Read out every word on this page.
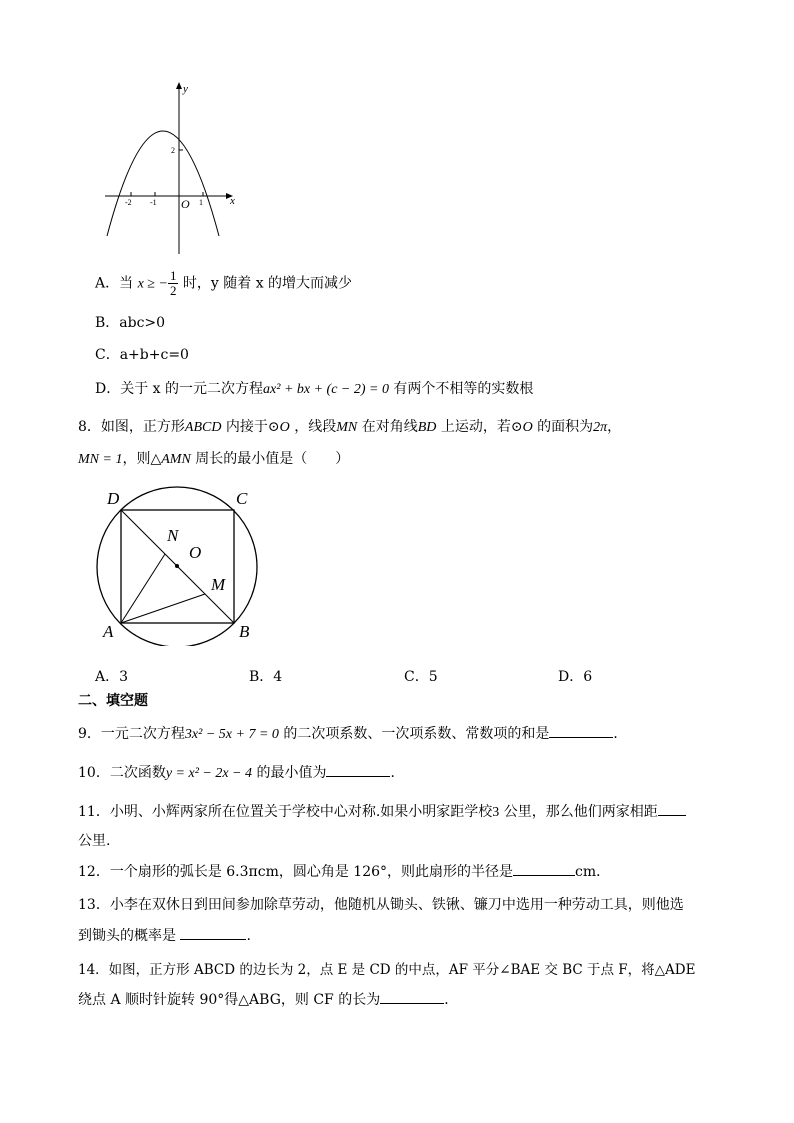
y
x
O
-2 -1	1
2
A．当 x ≥ − $\frac{1}{2}$ 时，y 随着 x 的增大而减少
B．abc>0
C．a+b+c=0
D．关于 x 的一元二次方程ax² + bx + (c − 2) = 0 有两个不相等的实数根
8．如图，正方形ABCD 内接于⊙O ，线段MN 在对角线BD 上运动，若⊙O 的面积为2π，
MN = 1，则△AMN 周长的最小值是（　　）
D	C
A	B
N
O
M
A．3	B．4	C．5	D．6
二、填空题
9．一元二次方程3x² − 5x + 7 = 0 的二次项系数、一次项系数、常数项的和是	．
10．二次函数y = x² − 2x − 4 的最小值为	．
11．小明、小辉两家所在位置关于学校中心对称.如果小明家距学校3 公里，那么他们两家相距
公里.
12．一个扇形的弧长是 6.3πcm，圆心角是 126°，则此扇形的半径是	cm．
13．小李在双休日到田间参加除草劳动，他随机从锄头、铁锹、镰刀中选用一种劳动工具，则他选
到锄头的概率是	.
14．如图，正方形 ABCD 的边长为 2，点 E 是 CD 的中点，AF 平分∠BAE 交 BC 于点 F，将△ADE
绕点 A 顺时针旋转 90°得△ABG，则 CF 的长为	．
